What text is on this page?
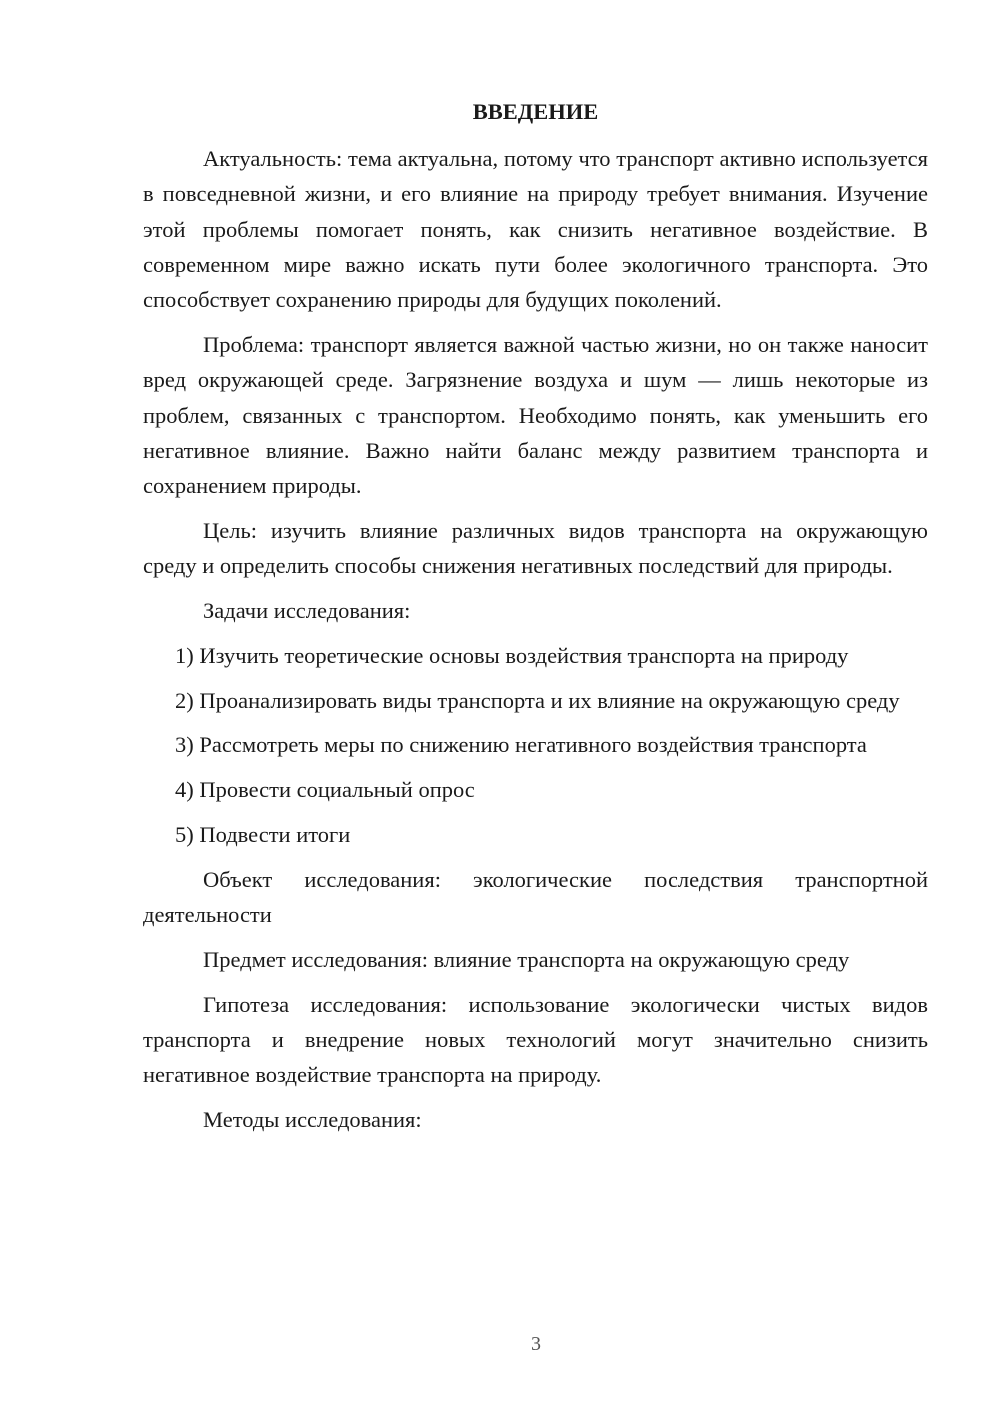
ВВЕДЕНИЕ
Актуальность: тема актуальна, потому что транспорт активно используется в повседневной жизни, и его влияние на природу требует внимания. Изучение этой проблемы помогает понять, как снизить негативное воздействие. В современном мире важно искать пути более экологичного транспорта. Это способствует сохранению природы для будущих поколений.
Проблема: транспорт является важной частью жизни, но он также наносит вред окружающей среде. Загрязнение воздуха и шум — лишь некоторые из проблем, связанных с транспортом. Необходимо понять, как уменьшить его негативное влияние. Важно найти баланс между развитием транспорта и сохранением природы.
Цель: изучить влияние различных видов транспорта на окружающую среду и определить способы снижения негативных последствий для природы.
Задачи исследования:
1) Изучить теоретические основы воздействия транспорта на природу
2) Проанализировать виды транспорта и их влияние на окружающую среду
3) Рассмотреть меры по снижению негативного воздействия транспорта
4) Провести социальный опрос
5) Подвести итоги
Объект исследования: экологические последствия транспортной деятельности
Предмет исследования: влияние транспорта на окружающую среду
Гипотеза исследования: использование экологически чистых видов транспорта и внедрение новых технологий могут значительно снизить негативное воздействие транспорта на природу.
Методы исследования:
3
